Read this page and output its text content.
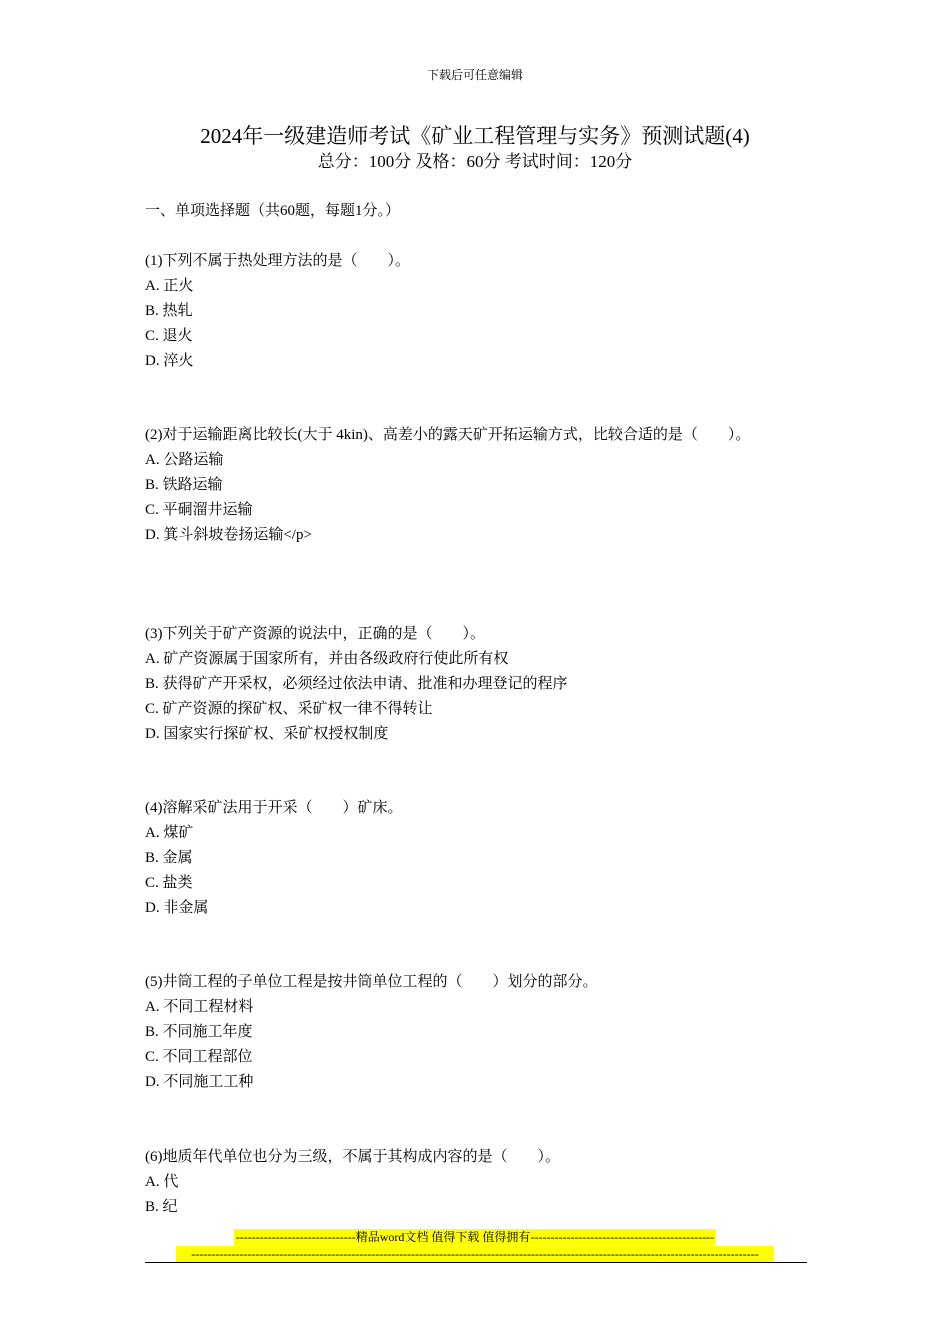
下载后可任意编辑
2024年一级建造师考试《矿业工程管理与实务》预测试题(4)
总分：100分 及格：60分 考试时间：120分
一、单项选择题（共60题，每题1分。）

(1)下列不属于热处理方法的是（　　）。

A. 正火

B. 热轧

C. 退火

D. 淬火

(2)对于运输距离比较长(大于 4kin)、高差小的露天矿开拓运输方式，比较合适的是（　　）。

A. 公路运输

B. 铁路运输

C. 平硐溜井运输

D. 箕斗斜坡卷扬运输</p>

(3)下列关于矿产资源的说法中，正确的是（　　）。

A. 矿产资源属于国家所有，并由各级政府行使此所有权

B. 获得矿产开采权，必须经过依法申请、批准和办理登记的程序

C. 矿产资源的探矿权、采矿权一律不得转让

D. 国家实行探矿权、采矿权授权制度

(4)溶解采矿法用于开采（　　）矿床。

A. 煤矿

B. 金属

C. 盐类

D. 非金属

(5)井筒工程的子单位工程是按井筒单位工程的（　　）划分的部分。

A. 不同工程材料

B. 不同施工年度

C. 不同工程部位

D. 不同施工工种

(6)地质年代单位也分为三级，不属于其构成内容的是（　　）。

A. 代

B. 纪

------------------------------精品word文档 值得下载 值得拥有----------------------------------------------
----------------------------------------------------------------------------------------------------------------------------------------------
